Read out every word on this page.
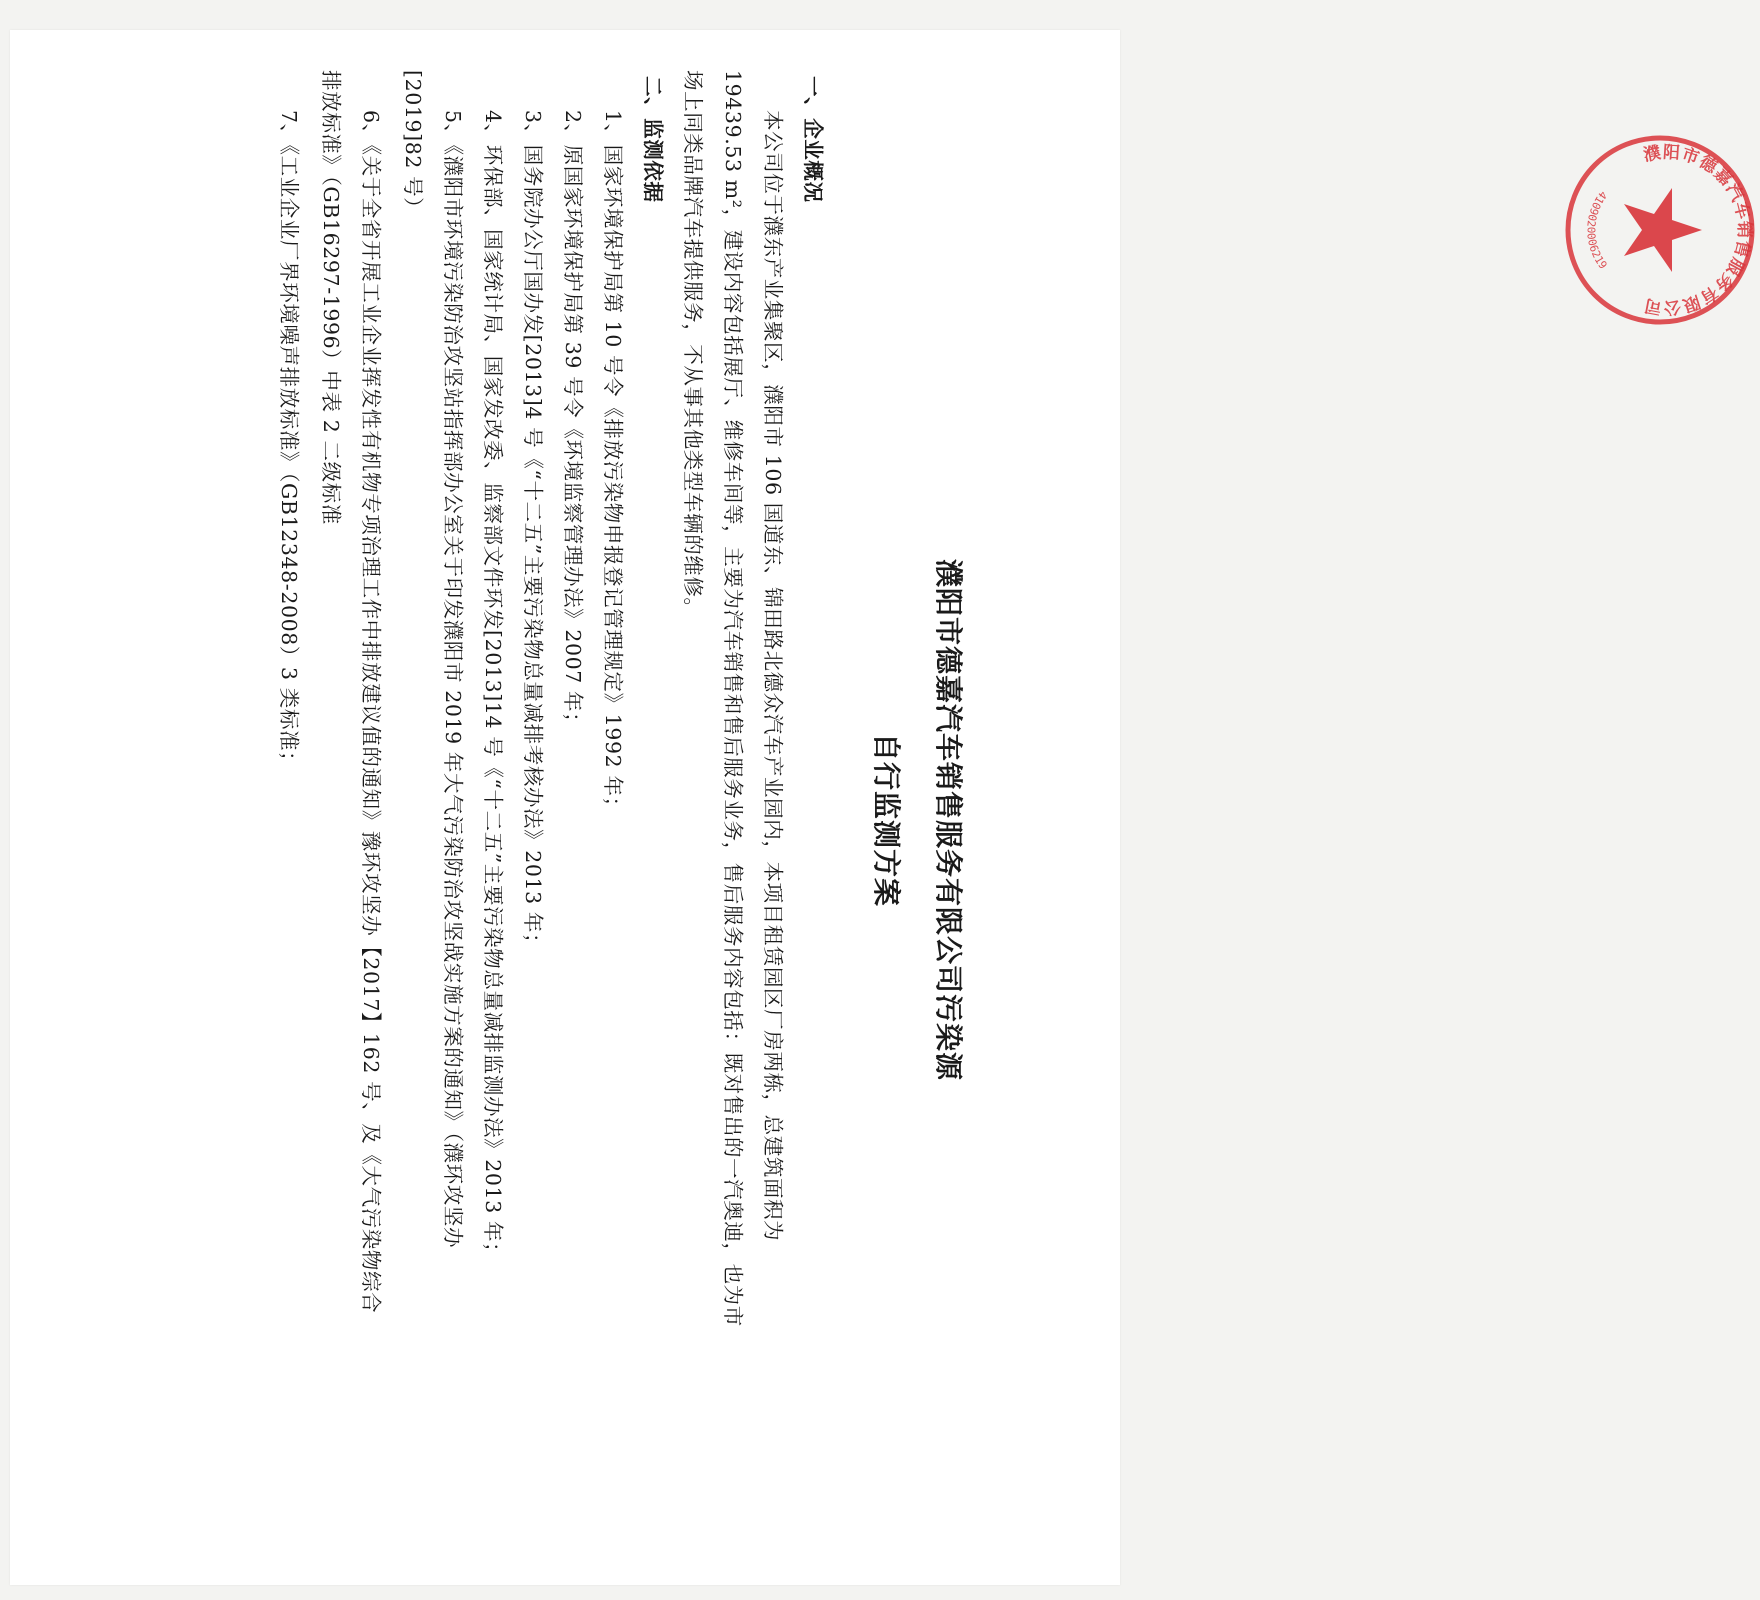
濮阳市德嘉汽车销售服务有限公司污染源
自行监测方案
一、企业概况
本公司位于濮东产业集聚区，濮阳市 106 国道东、锦田路北德众汽车产业园内，本项目租赁园区厂房两栋，总建筑面积为
19439.53 m²，建设内容包括展厅、维修车间等，主要为汽车销售和售后服务业务，售后服务内容包括：既对售出的一汽奥迪，也为市
场上同类品牌汽车提供服务，不从事其他类型车辆的维修。
二、监测依据
1、国家环境保护局第 10 号令《排放污染物申报登记管理规定》1992 年；
2、原国家环境保护局第 39 号令《环境监察管理办法》2007 年；
3、国务院办公厅国办发[2013]4 号《“十二五”主要污染物总量减排考核办法》2013 年；
4、环保部、国家统计局、国家发改委、监察部文件环发[2013]14 号《“十二五”主要污染物总量减排监测办法》2013 年；
5、《濮阳市环境污染防治攻坚站指挥部办公室关于印发濮阳市 2019 年大气污染防治攻坚战实施方案的通知》（濮环攻坚办
[2019]82 号）
6、《关于全省开展工业企业挥发性有机物专项治理工作中排放建议值的通知》豫环攻坚办【2017】162 号、及《大气污染物综合
排放标准》（GB16297-1996）中表 2 二级标准
7、《工业企业厂界环境噪声排放标准》（GB12348-2008）3 类标准；	濮阳市德嘉汽车销售服务有限公司
4109020006219
